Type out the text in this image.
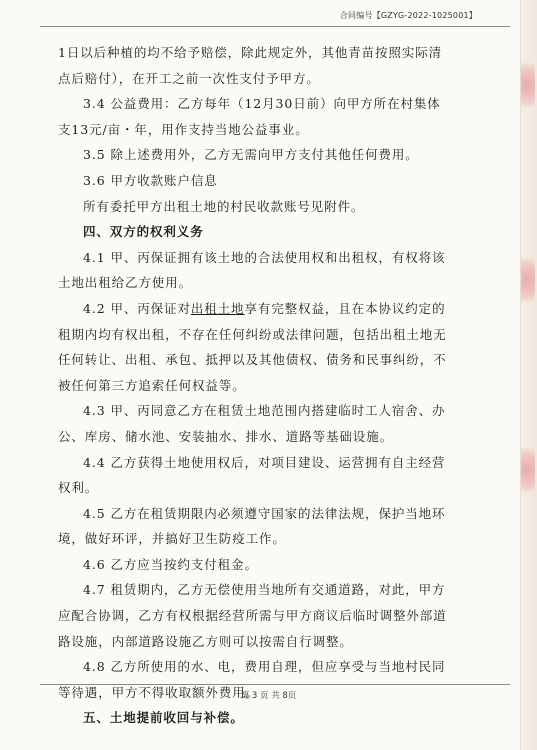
合同编号【GZYG-2022-1025001】

1日以后种植的均不给予赔偿，除此规定外，其他青苗按照实际清点后赔付），在开工之前一次性支付予甲方。

3.4 公益费用：乙方每年（12月30日前）向甲方所在村集体支13元/亩・年，用作支持当地公益事业。

3.5 除上述费用外，乙方无需向甲方支付其他任何费用。

3.6 甲方收款账户信息

所有委托甲方出租土地的村民收款账号见附件。

四、双方的权利义务

4.1 甲、丙保证拥有该土地的合法使用权和出租权，有权将该土地出租给乙方使用。

4.2 甲、丙保证对出租土地享有完整权益，且在本协议约定的租期内均有权出租，不存在任何纠纷或法律问题，包括出租土地无任何转让、出租、承包、抵押以及其他债权、债务和民事纠纷，不被任何第三方追索任何权益等。

4.3 甲、丙同意乙方在租赁土地范围内搭建临时工人宿舍、办公、库房、储水池、安装抽水、排水、道路等基础设施。

4.4 乙方获得土地使用权后，对项目建设、运营拥有自主经营权利。

4.5 乙方在租赁期限内必须遵守国家的法律法规，保护当地环境，做好环评，并搞好卫生防疫工作。

4.6 乙方应当按约支付租金。

4.7 租赁期内，乙方无偿使用当地所有交通道路，对此，甲方应配合协调，乙方有权根据经营所需与甲方商议后临时调整外部道路设施，内部道路设施乙方则可以按需自行调整。

4.8 乙方所使用的水、电，费用自理，但应享受与当地村民同等待遇，甲方不得收取额外费用。

五、土地提前收回与补偿。

第 3 页 共 8页
